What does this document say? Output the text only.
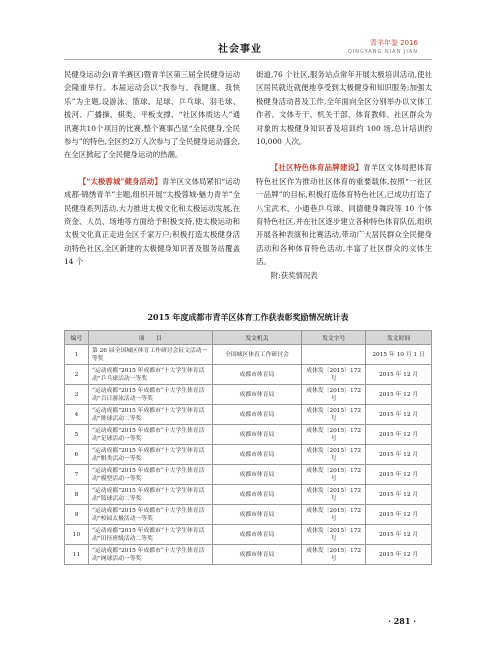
社会事业
青羊年鉴 2016
QINGYANG NIAN JIAN

民健身运动会(青羊赛区)暨青羊区第三届全民健身运动会隆重举行。本届运动会以“我参与、我健康、我快乐”为主题,设游泳、篮球、足球、乒乓球、羽毛球、拔河、广播操、棋类、平板支撑、“社区体质达人”通讯赛共10个项目的比赛,整个赛事凸显“全民健身,全民参与”的特色,全区约2万人次参与了全民健身运动盛会,在全区掀起了全民健身运动的热潮。

【“太极蓉城”健身活动】青羊区文体局紧扣“运动成都·锦绣青羊”主题,组织开展“太极蓉城·魅力青羊”全民健身系列活动,大力推进太极文化和太极运动发展,在资金、人员、场地等方面给予积极支持,使太极运动和太极文化真正走进全区千家万户;积极打造太极健身活动特色社区,全区新建的太极健身知识普及服务站覆盖 14 个

街道,76 个社区,服务站点常年开展太极培训活动,使社区居民就近就便地享受到太极健身和知识服务;加强太极健身活动普及工作,全年面向全区分别举办以文体工作者、文体专干、机关干部、体育教师、社区群众为对象的太极健身知识普及培训约 100 场,总计培训约 10,000 人次。

【社区特色体育品牌建设】青羊区文体局把体育特色社区作为推动社区体育的重要载体,按照“一社区一品牌”的目标,积极打造体育特色社区,已成功打造了八宝武术、小通巷乒乓球、同德健身舞段等 10 个体育特色社区,并在社区逐步建立各种特色体育队伍,组织开展各种表演和比赛活动,带动广大居民群众全民健身活动和各种体育特色活动,丰富了社区群众的文体生活。

附:获奖情况表

2015 年度成都市青羊区体育工作获表彰奖励情况统计表
编号	项　　目	发文机关	发文字号	发文时间
1	第 26 届全国城区体育工作研讨会征文活动一等奖	全国城区体育工作研讨会		2015 年 10 月 1 日
2	“运动成都”2015 年成都市“十大学生体育活动”乒乓球活动一等奖	成都市体育局	成体发〔2015〕172 号	2015 年 12 月
3	“运动成都”2015 年成都市“十大学生体育活动”百日游泳活动一等奖	成都市体育局	成体发〔2015〕172 号	2015 年 12 月
4	“运动成都”2015 年成都市“十大学生体育活动”排球活动二等奖	成都市体育局	成体发〔2015〕172 号	2015 年 12 月
5	“运动成都”2015 年成都市“十大学生体育活动”足球活动一等奖	成都市体育局	成体发〔2015〕172 号	2015 年 12 月
6	“运动成都”2015 年成都市“十大学生体育活动”棋类活动一等奖	成都市体育局	成体发〔2015〕172 号	2015 年 12 月
7	“运动成都”2015 年成都市“十大学生体育活动”模型活动一等奖	成都市体育局	成体发〔2015〕172 号	2015 年 12 月
8	“运动成都”2015 年成都市“十大学生体育活动”篮球活动二等奖	成都市体育局	成体发〔2015〕172 号	2015 年 12 月
9	“运动成都”2015 年成都市“十大学生体育活动”校园太极活动一等奖	成都市体育局	成体发〔2015〕172 号	2015 年 12 月
10	“运动成都”2015 年成都市“十大学生体育活动”田径班级活动二等奖	成都市体育局	成体发〔2015〕172 号	2015 年 12 月
11	“运动成都”2015 年成都市“十大学生体育活动”网球活动一等奖	成都市体育局	成体发〔2015〕172 号	2015 年 12 月
· 281 ·
